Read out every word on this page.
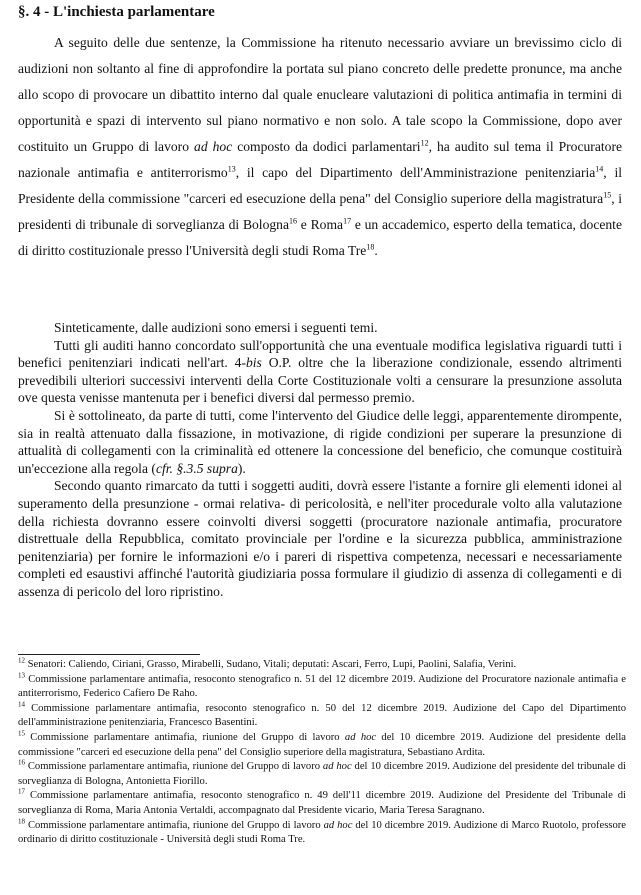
§. 4 - L'inchiesta parlamentare

A seguito delle due sentenze, la Commissione ha ritenuto necessario avviare un brevissimo ciclo di audizioni non soltanto al fine di approfondire la portata sul piano concreto delle predette pronunce, ma anche allo scopo di provocare un dibattito interno dal quale enucleare valutazioni di politica antimafia in termini di opportunità e spazi di intervento sul piano normativo e non solo. A tale scopo la Commissione, dopo aver costituito un Gruppo di lavoro ad hoc composto da dodici parlamentari$^{12}$, ha audito sul tema il Procuratore nazionale antimafia e antiterrorismo$^{13}$, il capo del Dipartimento dell'Amministrazione penitenziaria$^{14}$, il Presidente della commissione "carceri ed esecuzione della pena" del Consiglio superiore della magistratura$^{15}$, i presidenti di tribunale di sorveglianza di Bologna$^{16}$ e Roma$^{17}$ e un accademico, esperto della tematica, docente di diritto costituzionale presso l'Università degli studi Roma Tre$^{18}$.

Sinteticamente, dalle audizioni sono emersi i seguenti temi.

Tutti gli auditi hanno concordato sull'opportunità che una eventuale modifica legislativa riguardi tutti i benefici penitenziari indicati nell'art. 4-bis O.P. oltre che la liberazione condizionale, essendo altrimenti prevedibili ulteriori successivi interventi della Corte Costituzionale volti a censurare la presunzione assoluta ove questa venisse mantenuta per i benefici diversi dal permesso premio.

Si è sottolineato, da parte di tutti, come l'intervento del Giudice delle leggi, apparentemente dirompente, sia in realtà attenuato dalla fissazione, in motivazione, di rigide condizioni per superare la presunzione di attualità di collegamenti con la criminalità ed ottenere la concessione del beneficio, che comunque costituirà un'eccezione alla regola (cfr. §.3.5 supra).

Secondo quanto rimarcato da tutti i soggetti auditi, dovrà essere l'istante a fornire gli elementi idonei al superamento della presunzione - ormai relativa- di pericolosità, e nell'iter procedurale volto alla valutazione della richiesta dovranno essere coinvolti diversi soggetti (procuratore nazionale antimafia, procuratore distrettuale della Repubblica, comitato provinciale per l'ordine e la sicurezza pubblica, amministrazione penitenziaria) per fornire le informazioni e/o i pareri di rispettiva competenza, necessari e necessariamente completi ed esaustivi affinché l'autorità giudiziaria possa formulare il giudizio di assenza di collegamenti e di assenza di pericolo del loro ripristino.

$^{12}$ Senatori: Caliendo, Ciriani, Grasso, Mirabelli, Sudano, Vitali; deputati: Ascari, Ferro, Lupi, Paolini, Salafia, Verini.
$^{13}$ Commissione parlamentare antimafia, resoconto stenografico n. 51 del 12 dicembre 2019. Audizione del Procuratore nazionale antimafia e antiterrorismo, Federico Cafiero De Raho.
$^{14}$ Commissione parlamentare antimafia, resoconto stenografico n. 50 del 12 dicembre 2019. Audizione del Capo del Dipartimento dell'amministrazione penitenziaria, Francesco Basentini.
$^{15}$ Commissione parlamentare antimafia, riunione del Gruppo di lavoro ad hoc del 10 dicembre 2019. Audizione del presidente della commissione "carceri ed esecuzione della pena" del Consiglio superiore della magistratura, Sebastiano Ardita.
$^{16}$ Commissione parlamentare antimafia, riunione del Gruppo di lavoro ad hoc del 10 dicembre 2019. Audizione del presidente del tribunale di sorveglianza di Bologna, Antonietta Fiorillo.
$^{17}$ Commissione parlamentare antimafia, resoconto stenografico n. 49 dell'11 dicembre 2019. Audizione del Presidente del Tribunale di sorveglianza di Roma, Maria Antonia Vertaldi, accompagnato dal Presidente vicario, Maria Teresa Saragnano.
$^{18}$ Commissione parlamentare antimafia, riunione del Gruppo di lavoro ad hoc del 10 dicembre 2019. Audizione di Marco Ruotolo, professore ordinario di diritto costituzionale - Università degli studi Roma Tre.
